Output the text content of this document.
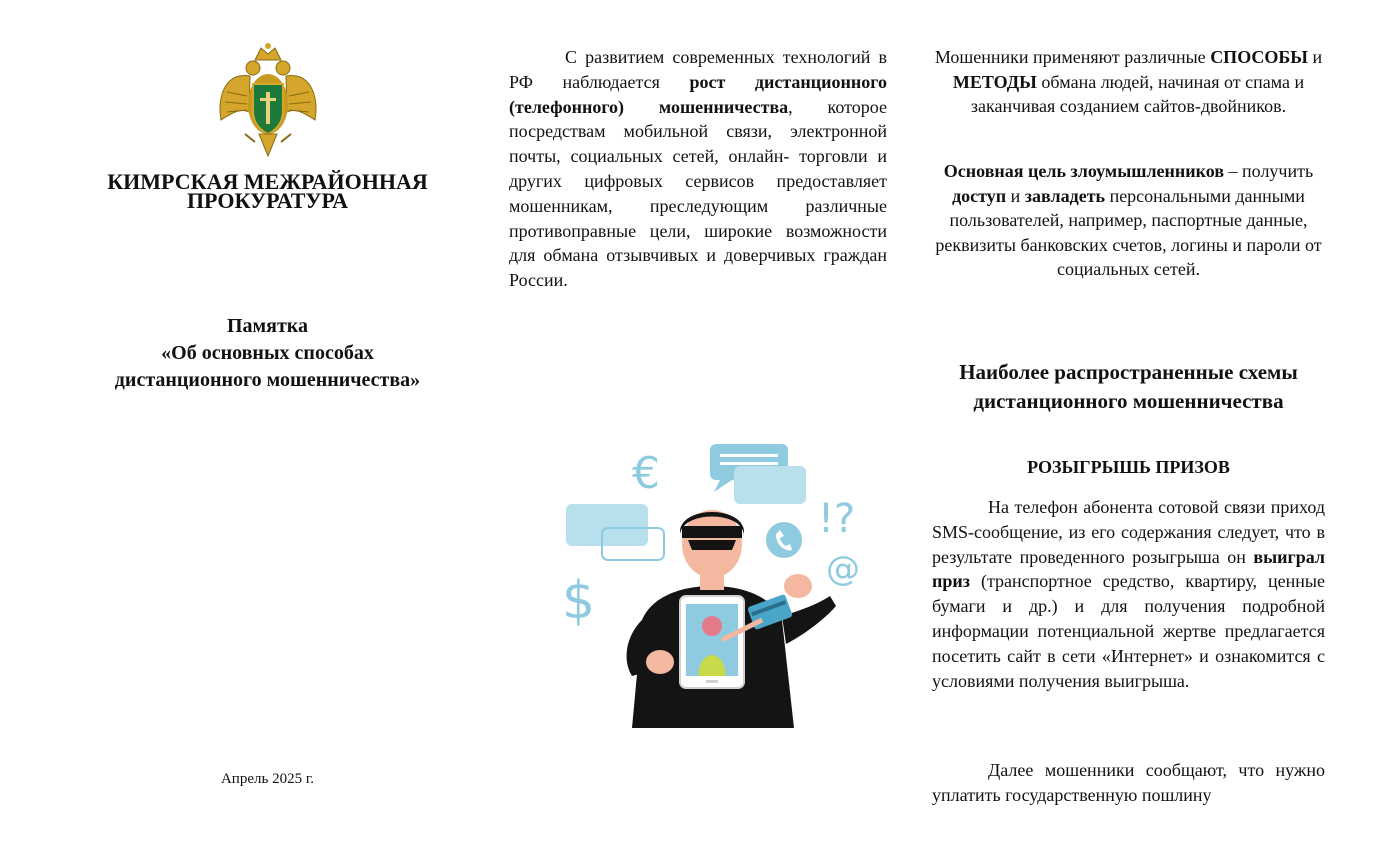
КИМРСКАЯ МЕЖРАЙОННАЯ
ПРОКУРАТУРА
Памятка
«Об основных способах
дистанционного мошенничества»
Апрель 2025 г.

С развитием современных технологий в РФ наблюдается рост дистанционного (телефонного) мошенничества, которое посредствам мобильной связи, электронной почты, социальных сетей, онлайн- торговли и других цифровых сервисов предоставляет мошенникам, преследующим различные противоправные цели, широкие возможности для обмана отзывчивых и доверчивых граждан России.

€
$
!?
@

Мошенники применяют различные СПОСОБЫ и МЕТОДЫ обмана людей, начиная от спама и заканчивая созданием сайтов-двойников.

Основная цель злоумышленников – получить доступ и завладеть персональными данными пользователей, например, паспортные данные, реквизиты банковских счетов, логины и пароли от социальных сетей.

Наиболее распространенные схемы
дистанционного мошенничества
РОЗЫГРЫШЬ ПРИЗОВ

На телефон абонента сотовой связи приход SMS-сообщение, из его содержания следует, что в результате проведенного розыгрыша он выиграл приз (транспортное средство, квартиру, ценные бумаги и др.) и для получения подробной информации потенциальной жертве предлагается посетить сайт в сети «Интернет» и ознакомится с условиями получения выигрыша.

Далее мошенники сообщают, что нужно уплатить государственную пошлину
